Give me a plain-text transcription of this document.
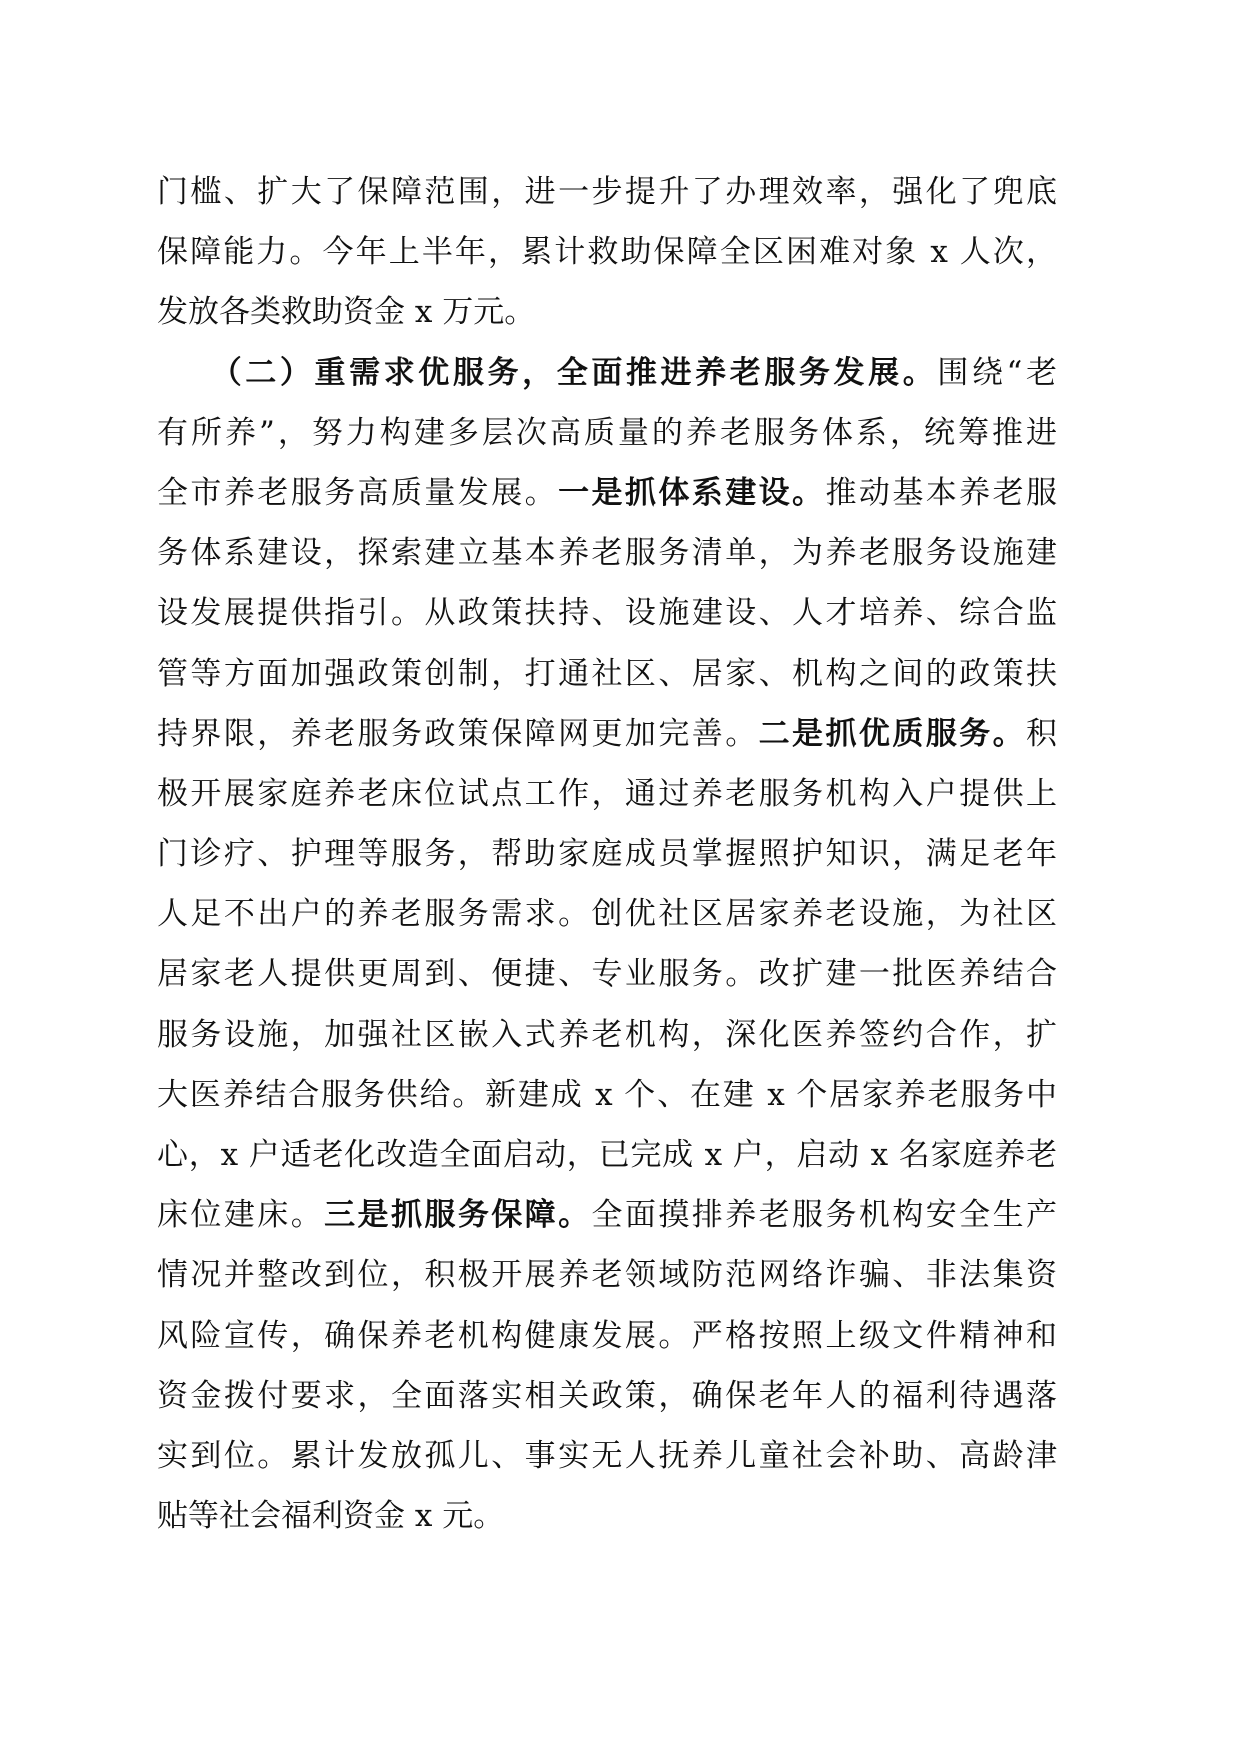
门槛、扩大了保障范围，进一步提升了办理效率，强化了兜底
保障能力。今年上半年，累计救助保障全区困难对象 x 人次，
发放各类救助资金 x 万元。
　　（二）重需求优服务，全面推进养老服务发展。围绕“老
有所养”，努力构建多层次高质量的养老服务体系，统筹推进
全市养老服务高质量发展。一是抓体系建设。推动基本养老服
务体系建设，探索建立基本养老服务清单，为养老服务设施建
设发展提供指引。从政策扶持、设施建设、人才培养、综合监
管等方面加强政策创制，打通社区、居家、机构之间的政策扶
持界限，养老服务政策保障网更加完善。二是抓优质服务。积
极开展家庭养老床位试点工作，通过养老服务机构入户提供上
门诊疗、护理等服务，帮助家庭成员掌握照护知识，满足老年
人足不出户的养老服务需求。创优社区居家养老设施，为社区
居家老人提供更周到、便捷、专业服务。改扩建一批医养结合
服务设施，加强社区嵌入式养老机构，深化医养签约合作，扩
大医养结合服务供给。新建成 x 个、在建 x 个居家养老服务中
心，x 户适老化改造全面启动，已完成 x 户，启动 x 名家庭养老
床位建床。三是抓服务保障。全面摸排养老服务机构安全生产
情况并整改到位，积极开展养老领域防范网络诈骗、非法集资
风险宣传，确保养老机构健康发展。严格按照上级文件精神和
资金拨付要求，全面落实相关政策，确保老年人的福利待遇落
实到位。累计发放孤儿、事实无人抚养儿童社会补助、高龄津
贴等社会福利资金 x 元。
